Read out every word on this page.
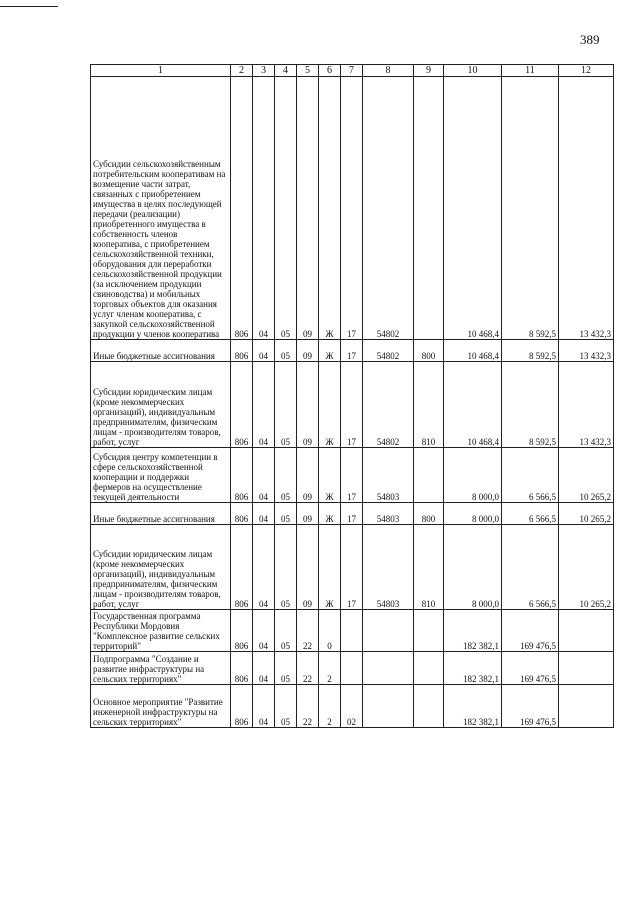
389
1	2	3	4	5	6	7	8	9	10	11	12
Субсидии сельскохозяйственным потребительским кооперативам на возмещение части затрат, связанных с приобретением имущества в целях последующей передачи (реализации) приобретенного имущества в собственность членов кооператива, с приобретением сельскохозяйственной техники, оборудования для переработки сельскохозяйственной продукции (за исключением продукции свиноводства) и мобильных торговых объектов для оказания услуг членам кооператива, с закупкой сельскохозяйственной продукции у членов кооператива	806	04	05	09	Ж	17	54802		10 468,4	8 592,5	13 432,3
Иные бюджетные ассигнования	806	04	05	09	Ж	17	54802	800	10 468,4	8 592,5	13 432,3
Субсидии юридическим лицам (кроме некоммерческих организаций), индивидуальным предпринимателям, физическим лицам - производителям товаров, работ, услуг	806	04	05	09	Ж	17	54802	810	10 468,4	8 592,5	13 432,3
Субсидия центру компетенции в сфере сельскохозяйственной кооперации и поддержки фермеров на осуществление текущей деятельности	806	04	05	09	Ж	17	54803		8 000,0	6 566,5	10 265,2
Иные бюджетные ассигнования	806	04	05	09	Ж	17	54803	800	8 000,0	6 566,5	10 265,2
Субсидии юридическим лицам (кроме некоммерческих организаций), индивидуальным предпринимателям, физическим лицам - производителям товаров, работ, услуг	806	04	05	09	Ж	17	54803	810	8 000,0	6 566,5	10 265,2
Государственная программа Республики Мордовия "Комплексное развитие сельских территорий"	806	04	05	22	0				182 382,1	169 476,5	
Подпрограмма "Создание и развитие инфраструктуры на сельских территориях"	806	04	05	22	2				182 382,1	169 476,5	
Основное мероприятие "Развитие инженерной инфраструктуры на сельских территориях"	806	04	05	22	2	02			182 382,1	169 476,5	
